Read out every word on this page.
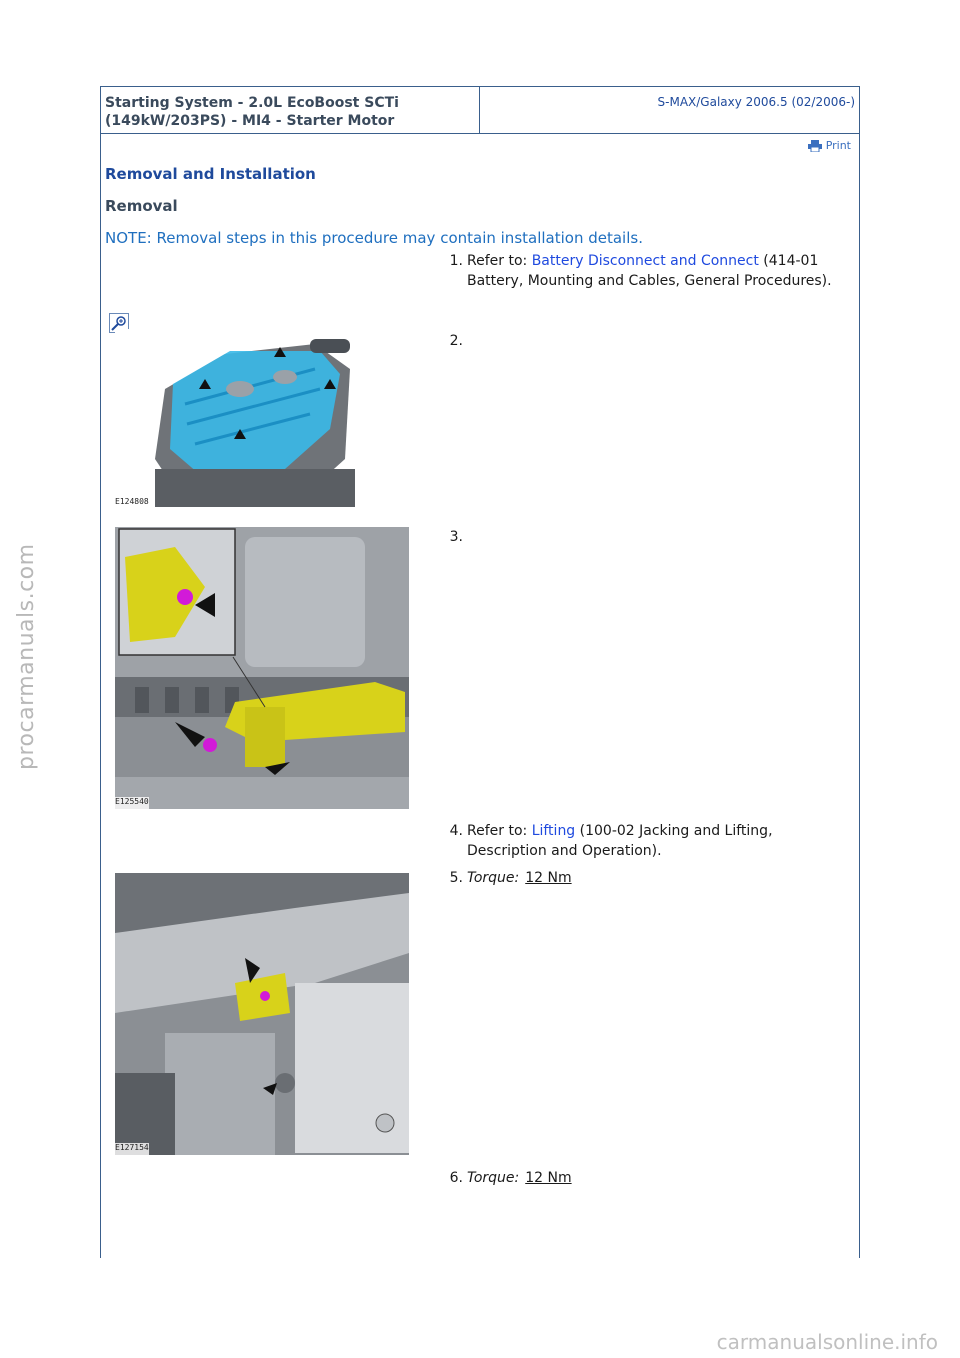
Starting System - 2.0L EcoBoost SCTi (149kW/203PS) - MI4 - Starter Motor
S-MAX/Galaxy 2006.5 (02/2006-)
Print
Removal and Installation
Removal
NOTE: Removal steps in this procedure may contain installation details.
1. Refer to: Battery Disconnect and Connect (414-01 Battery, Mounting and Cables, General Procedures).
2.
E124808
3.
E125540
4. Refer to: Lifting (100-02 Jacking and Lifting, Description and Operation).
5. Torque: 12 Nm
E127154
6. Torque: 12 Nm
procarmanuals.com
carmanualsonline.info
